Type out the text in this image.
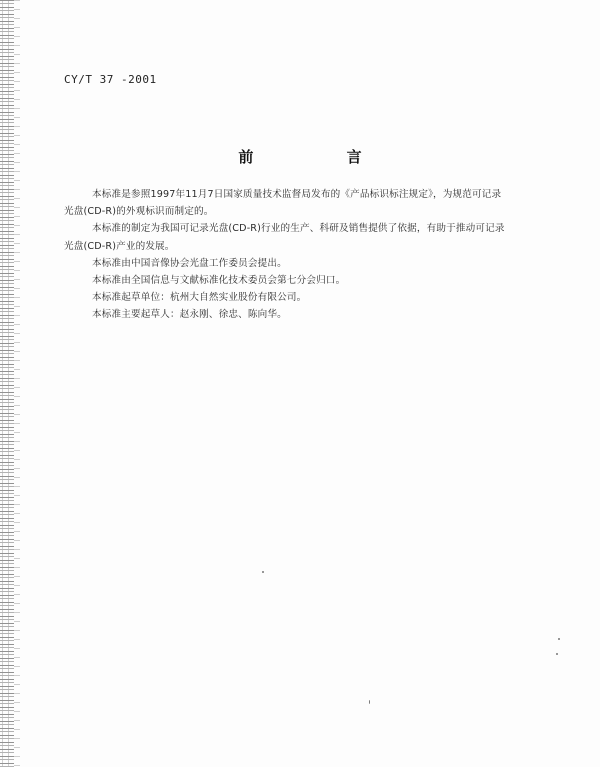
CY/T 37 -2001
前 言

本标准是参照1997年11月7日国家质量技术监督局发布的《产品标识标注规定》，为规范可记录
光盘(CD-R)的外观标识而制定的。

本标准的制定为我国可记录光盘(CD-R)行业的生产、科研及销售提供了依据，有助于推动可记录
光盘(CD-R)产业的发展。

本标准由中国音像协会光盘工作委员会提出。

本标准由全国信息与文献标准化技术委员会第七分会归口。

本标准起草单位：杭州大自然实业股份有限公司。

本标准主要起草人：赵永刚、徐忠、陈向华。
